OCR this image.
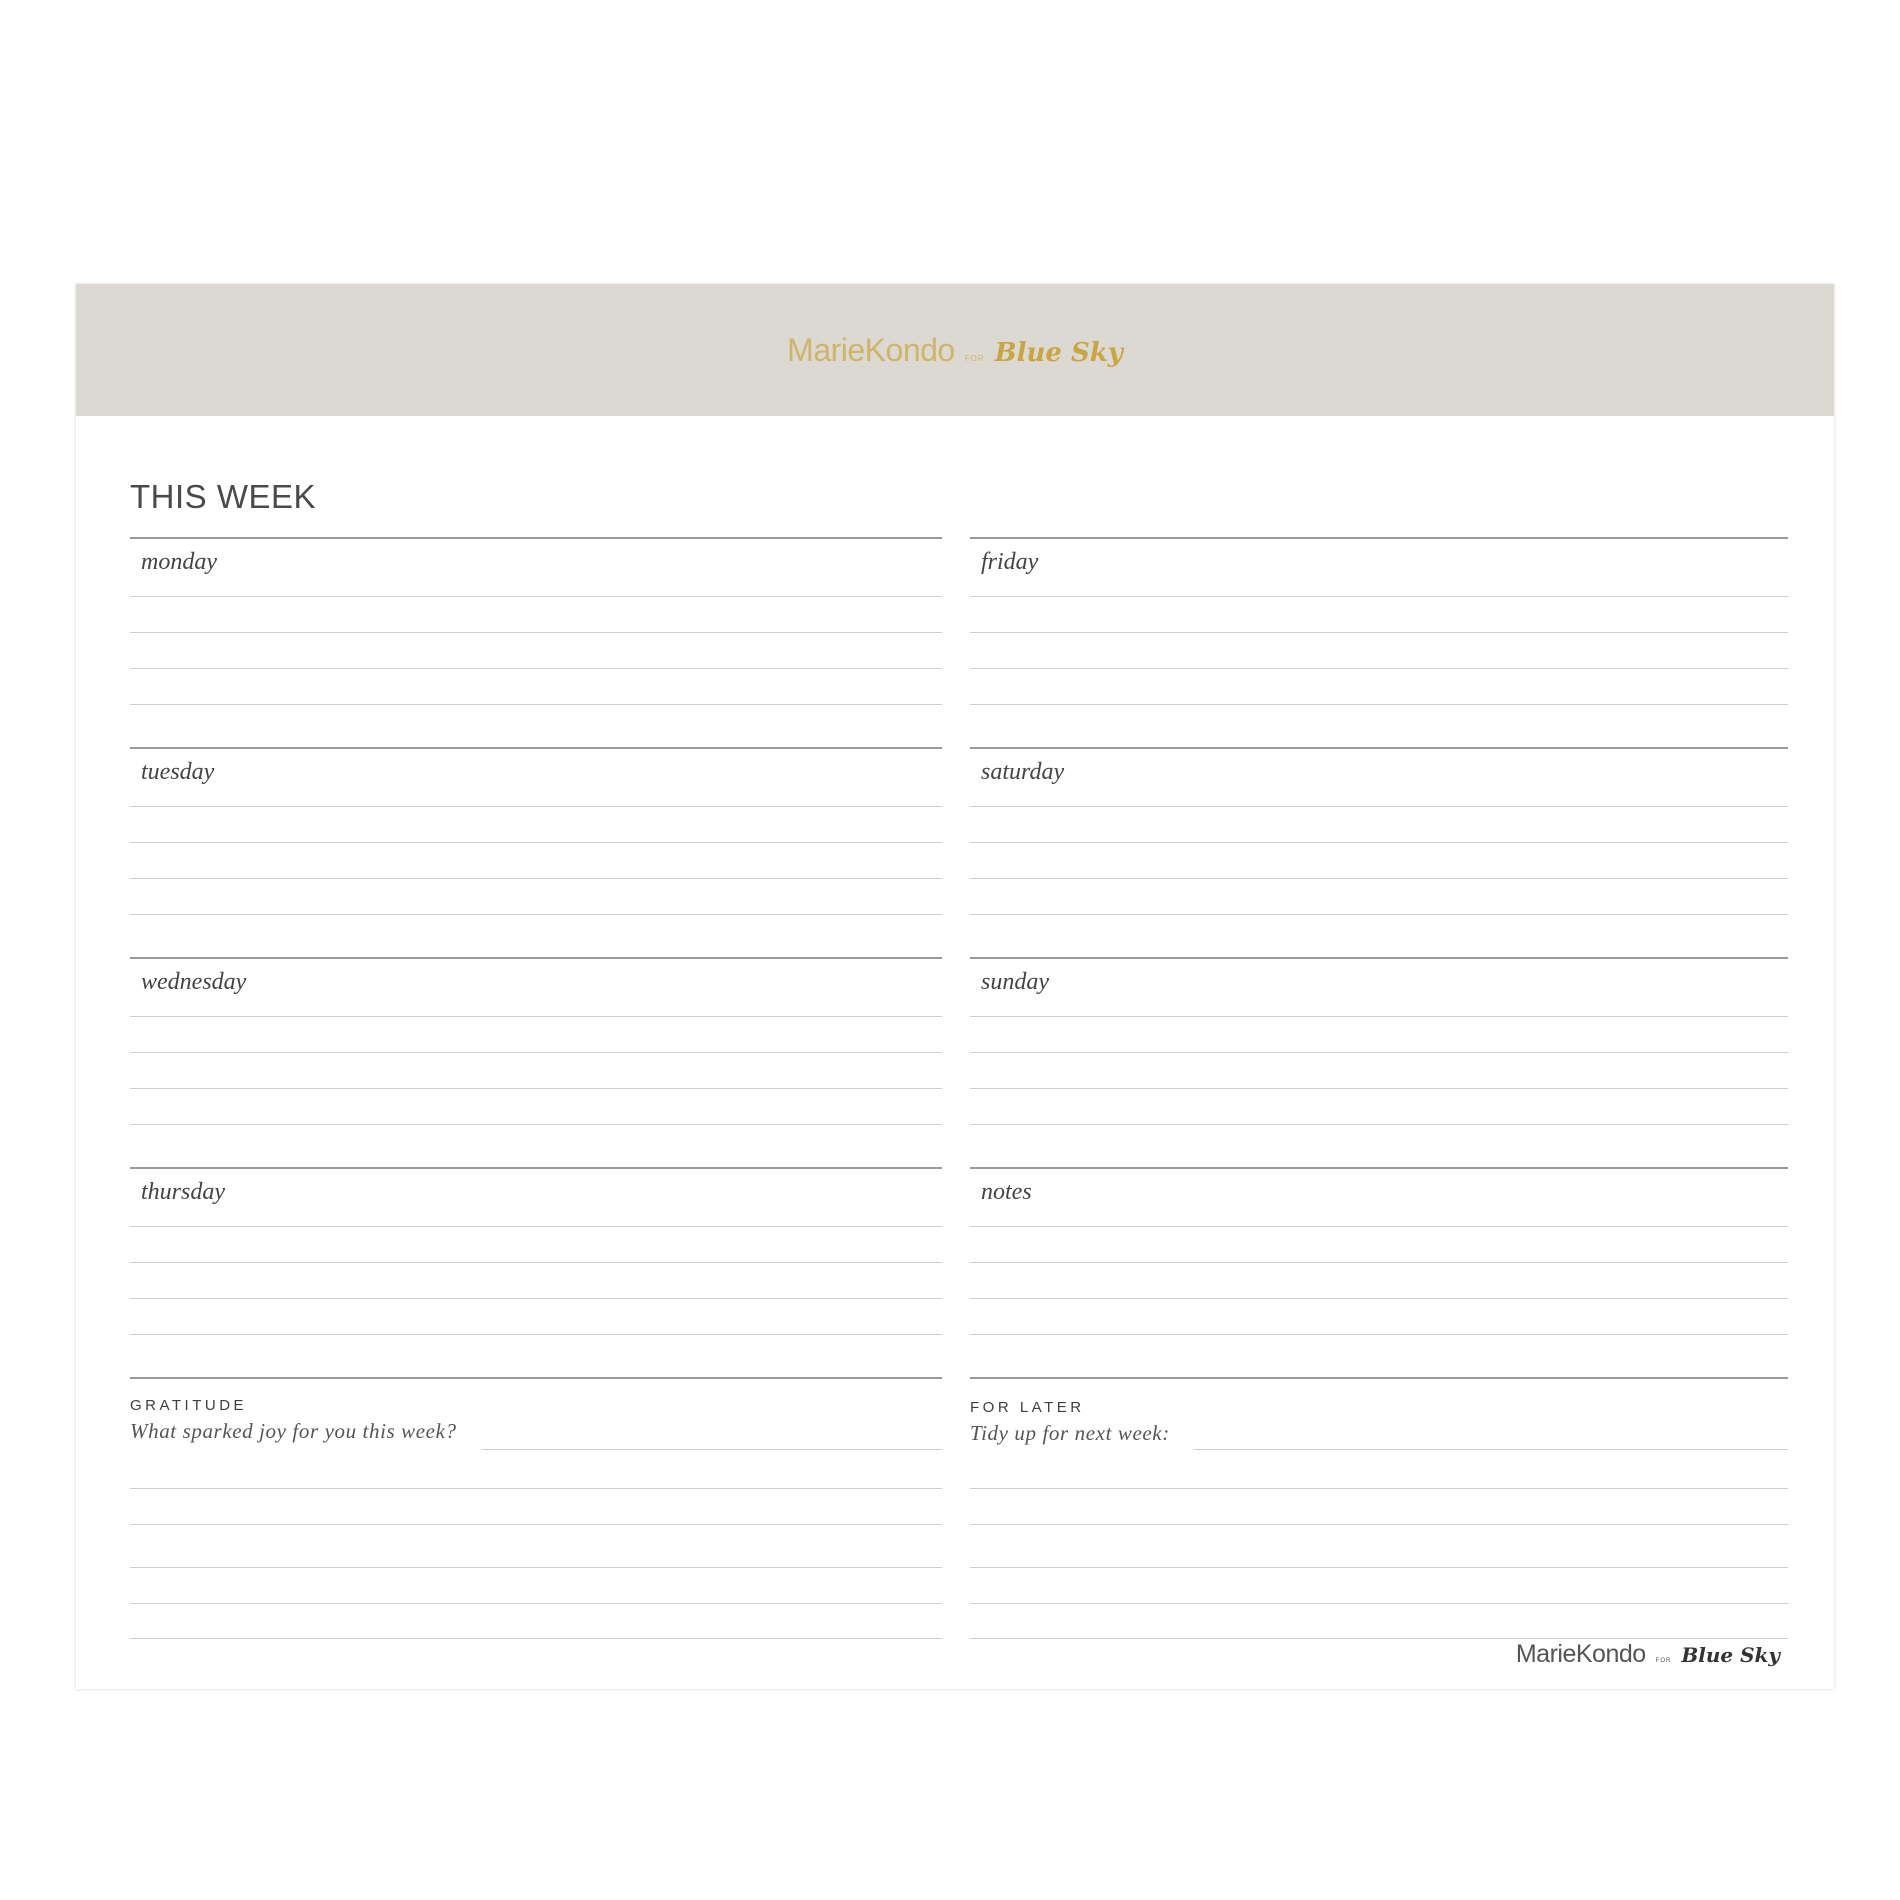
MarieKondo FOR Blue Sky
THIS WEEK
monday
tuesday
wednesday
thursday
friday
saturday
sunday
notes
GRATITUDE
What sparked joy for you this week?
FOR LATER
Tidy up for next week:
MarieKondo FOR Blue Sky
